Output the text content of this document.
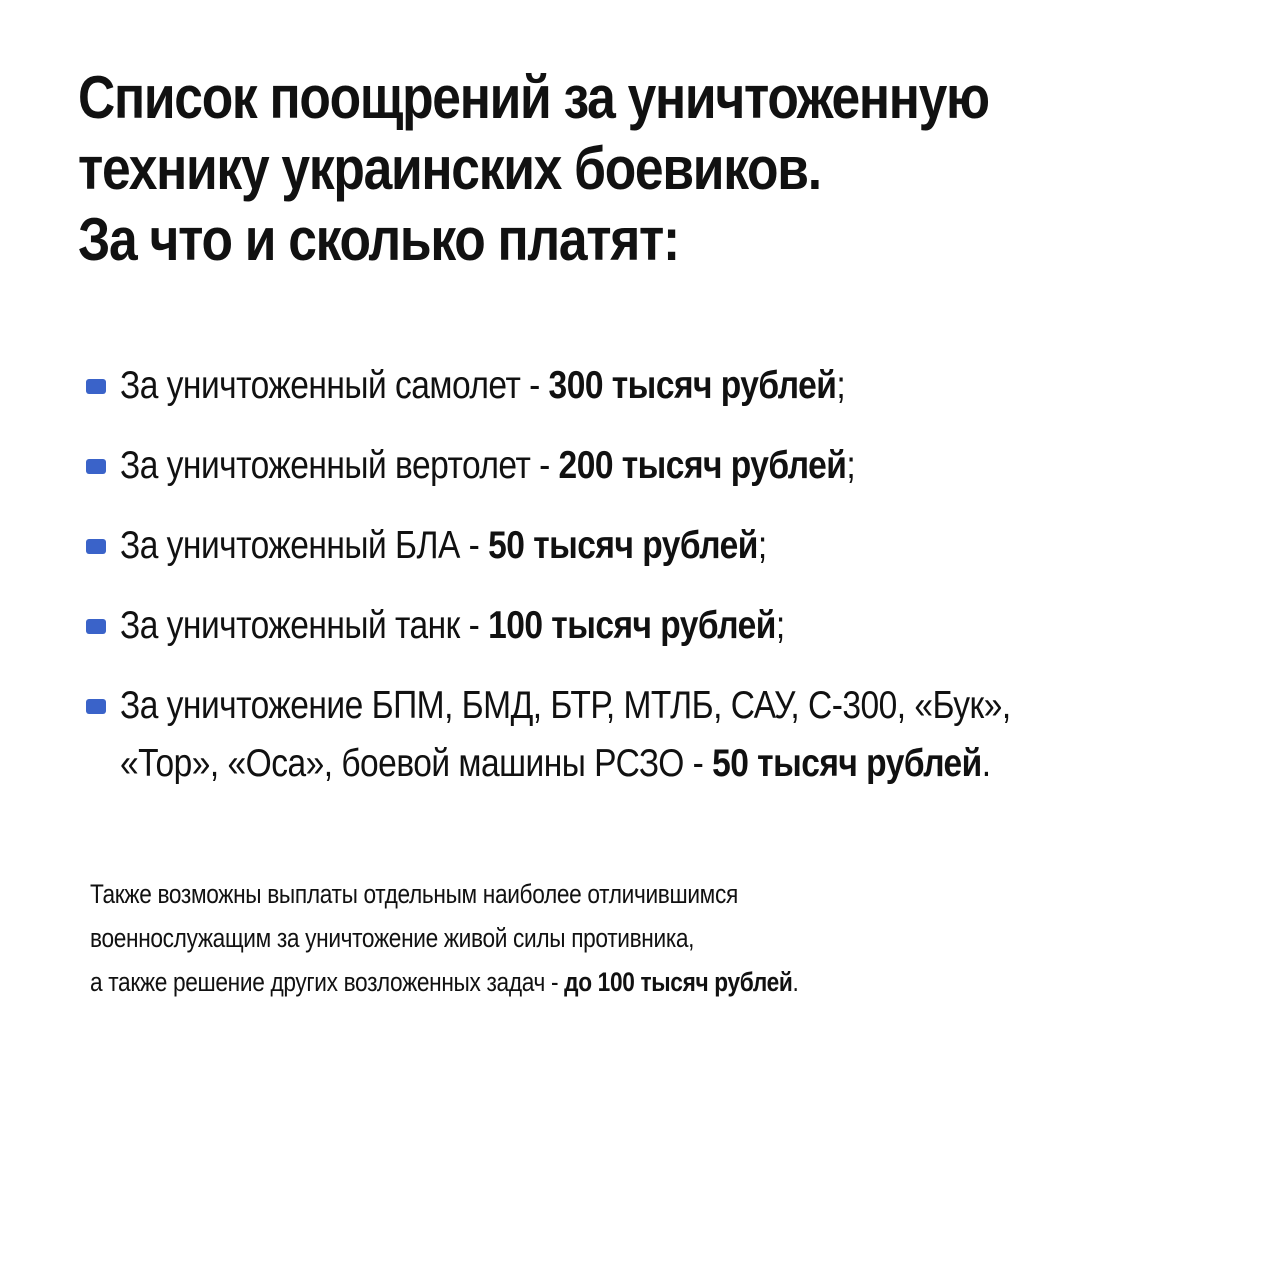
Список поощрений за уничтоженную
технику украинских боевиков.
За что и сколько платят:
За уничтоженный самолет - 300 тысяч рублей;
За уничтоженный вертолет - 200 тысяч рублей;
За уничтоженный БЛА - 50 тысяч рублей;
За уничтоженный танк - 100 тысяч рублей;
За уничтожение БПМ, БМД, БТР, МТЛБ, САУ, С-300, «Бук»,
«Тор», «Оса», боевой машины РСЗО - 50 тысяч рублей.

Также возможны выплаты отдельным наиболее отличившимся
военнослужащим за уничтожение живой силы противника,
а также решение других возложенных задач - до 100 тысяч рублей.
